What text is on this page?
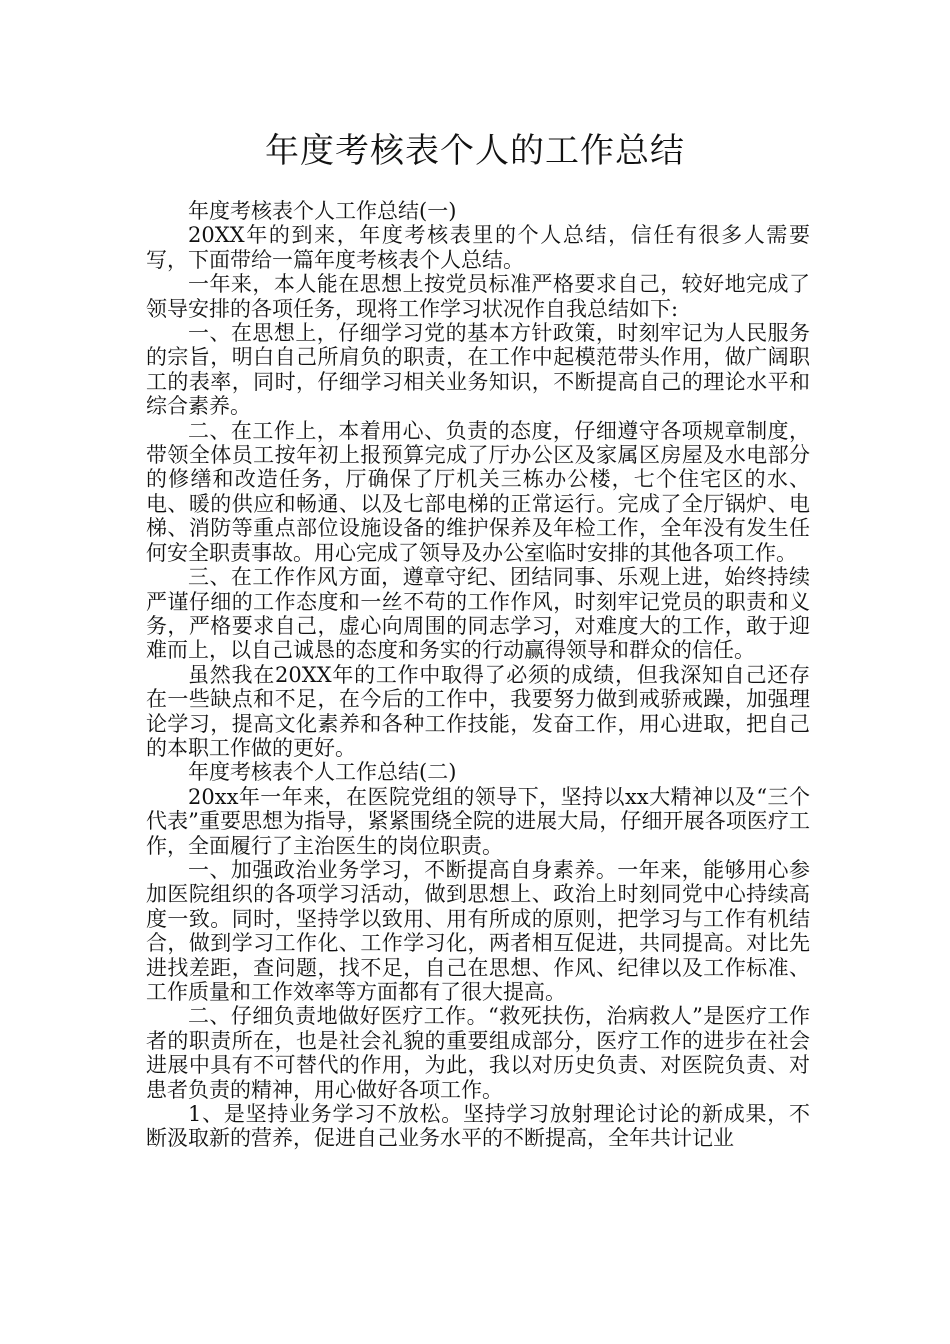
年度考核表个人的工作总结

年度考核表个人工作总结(一)

20XX年的到来，年度考核表里的个人总结，信任有很多人需要写，下面带给一篇年度考核表个人总结。

一年来，本人能在思想上按党员标准严格要求自己，较好地完成了领导安排的各项任务，现将工作学习状况作自我总结如下:

一、在思想上，仔细学习党的基本方针政策，时刻牢记为人民服务的宗旨，明白自己所肩负的职责，在工作中起模范带头作用，做广阔职工的表率，同时，仔细学习相关业务知识，不断提高自己的理论水平和综合素养。

二、在工作上，本着用心、负责的态度，仔细遵守各项规章制度，带领全体员工按年初上报预算完成了厅办公区及家属区房屋及水电部分的修缮和改造任务，厅确保了厅机关三栋办公楼，七个住宅区的水、电、暖的供应和畅通、以及七部电梯的正常运行。完成了全厅锅炉、电梯、消防等重点部位设施设备的维护保养及年检工作，全年没有发生任何安全职责事故。用心完成了领导及办公室临时安排的其他各项工作。

三、在工作作风方面，遵章守纪、团结同事、乐观上进，始终持续严谨仔细的工作态度和一丝不苟的工作作风，时刻牢记党员的职责和义务，严格要求自己，虚心向周围的同志学习，对难度大的工作，敢于迎难而上，以自己诚恳的态度和务实的行动赢得领导和群众的信任。

虽然我在20XX年的工作中取得了必须的成绩，但我深知自己还存在一些缺点和不足，在今后的工作中，我要努力做到戒骄戒躁，加强理论学习，提高文化素养和各种工作技能，发奋工作，用心进取，把自己的本职工作做的更好。

年度考核表个人工作总结(二)

20xx年一年来，在医院党组的领导下，坚持以xx大精神以及“三个代表”重要思想为指导，紧紧围绕全院的进展大局，仔细开展各项医疗工作，全面履行了主治医生的岗位职责。

一、加强政治业务学习，不断提高自身素养。一年来，能够用心参加医院组织的各项学习活动，做到思想上、政治上时刻同党中心持续高度一致。同时，坚持学以致用、用有所成的原则，把学习与工作有机结合，做到学习工作化、工作学习化，两者相互促进，共同提高。对比先进找差距，查问题，找不足，自己在思想、作风、纪律以及工作标准、工作质量和工作效率等方面都有了很大提高。

二、仔细负责地做好医疗工作。“救死扶伤，治病救人”是医疗工作者的职责所在，也是社会礼貌的重要组成部分，医疗工作的进步在社会进展中具有不可替代的作用，为此，我以对历史负责、对医院负责、对患者负责的精神，用心做好各项工作。

1、是坚持业务学习不放松。坚持学习放射理论讨论的新成果，不断汲取新的营养，促进自己业务水平的不断提高，全年共计记业
